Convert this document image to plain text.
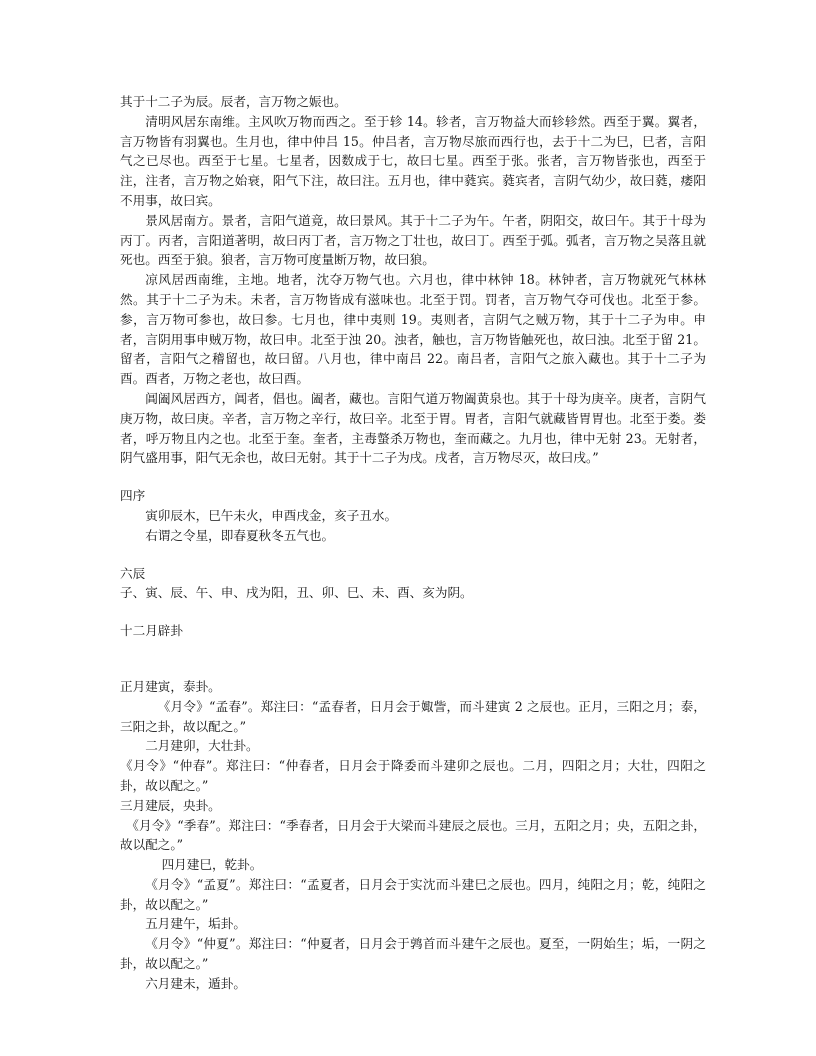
其于十二子为辰。辰者，言万物之娠也。

清明风居东南维。主风吹万物而西之。至于轸 14。轸者，言万物益大而轸轸然。西至于翼。翼者，言万物皆有羽翼也。生月也，律中仲吕 15。仲吕者，言万物尽旅而西行也，去于十二为巳，巳者，言阳气之已尽也。西至于七星。七星者，因数成于七，故曰七星。西至于张。张者，言万物皆张也，西至于注，注者，言万物之始衰，阳气下注，故曰注。五月也，律中蕤宾。蕤宾者，言阴气幼少，故曰蕤，痿阳不用事，故曰宾。

景风居南方。景者，言阳气道竟，故曰景风。其于十二子为午。午者，阴阳交，故曰午。其于十母为丙丁。丙者，言阳道著明，故曰丙丁者，言万物之丁壮也，故曰丁。西至于弧。弧者，言万物之吴落且就死也。西至于狼。狼者，言万物可度量断万物，故曰狼。

凉风居西南维，主地。地者，沈夺万物气也。六月也，律中林钟 18。林钟者，言万物就死气林林然。其于十二子为未。未者，言万物皆成有滋味也。北至于罚。罚者，言万物气夺可伐也。北至于参。参，言万物可参也，故曰参。七月也，律中夷则 19。夷则者，言阴气之贼万物，其于十二子为申。申者，言阴用事申贼万物，故曰申。北至于浊 20。浊者，触也，言万物皆触死也，故曰浊。北至于留 21。留者，言阳气之稽留也，故曰留。八月也，律中南吕 22。南吕者，言阳气之旅入藏也。其于十二子为酉。酉者，万物之老也，故曰酉。

阊阖风居西方，阊者，倡也。阖者，藏也。言阳气道万物阖黄泉也。其于十母为庚辛。庚者，言阴气庚万物，故曰庚。辛者，言万物之辛行，故曰辛。北至于胃。胃者，言阳气就藏皆胃胃也。北至于娄。娄者，呼万物且内之也。北至于奎。奎者，主毒螫杀万物也，奎而藏之。九月也，律中无射 23。无射者，阴气盛用事，阳气无余也，故曰无射。其于十二子为戌。戌者，言万物尽灭，故曰戌。”

四序

寅卯辰木，巳午未火，申酉戌金，亥子丑水。

右谓之令星，即春夏秋冬五气也。

六辰

子、寅、辰、午、申、戌为阳，丑、卯、巳、未、酉、亥为阴。

十二月辟卦

正月建寅，泰卦。

《月令》“孟春”。郑注曰：“孟春者，日月会于娵訾，而斗建寅 2 之辰也。正月，三阳之月；泰，三阳之卦，故以配之。”

二月建卯，大壮卦。

《月令》“仲春”。郑注曰：“仲春者，日月会于降委而斗建卯之辰也。二月，四阳之月；大壮，四阳之卦，故以配之。”

三月建辰，央卦。

《月令》“季春”。郑注曰：“季春者，日月会于大梁而斗建辰之辰也。三月，五阳之月；央，五阳之卦，故以配之。”

四月建巳，乾卦。

《月令》“孟夏”。郑注曰：“孟夏者，日月会于实沈而斗建巳之辰也。四月，纯阳之月；乾，纯阳之卦，故以配之。”

五月建午，垢卦。

《月令》“仲夏”。郑注曰：“仲夏者，日月会于鹑首而斗建午之辰也。夏至，一阴始生；垢，一阴之卦，故以配之。”

六月建未，遁卦。
